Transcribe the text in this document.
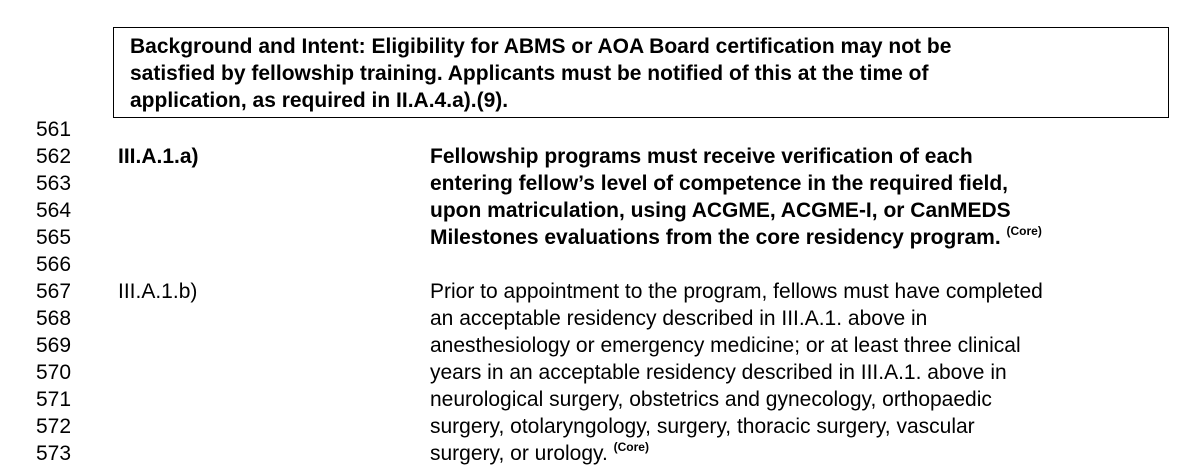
Background and Intent: Eligibility for ABMS or AOA Board certification may not be
satisfied by fellowship training. Applicants must be notified of this at the time of
application, as required in II.A.4.a).(9).
561
562
563
564
565
566
567
568
569
570
571
572
573
III.A.1.a)	Fellowship programs must receive verification of each
entering fellow’s level of competence in the required field,
upon matriculation, using ACGME, ACGME-I, or CanMEDS
Milestones evaluations from the core residency program. $^{(Core)}$
III.A.1.b)	Prior to appointment to the program, fellows must have completed
an acceptable residency described in III.A.1. above in
anesthesiology or emergency medicine; or at least three clinical
years in an acceptable residency described in III.A.1. above in
neurological surgery, obstetrics and gynecology, orthopaedic
surgery, otolaryngology, surgery, thoracic surgery, vascular
surgery, or urology. $^{(Core)}$
